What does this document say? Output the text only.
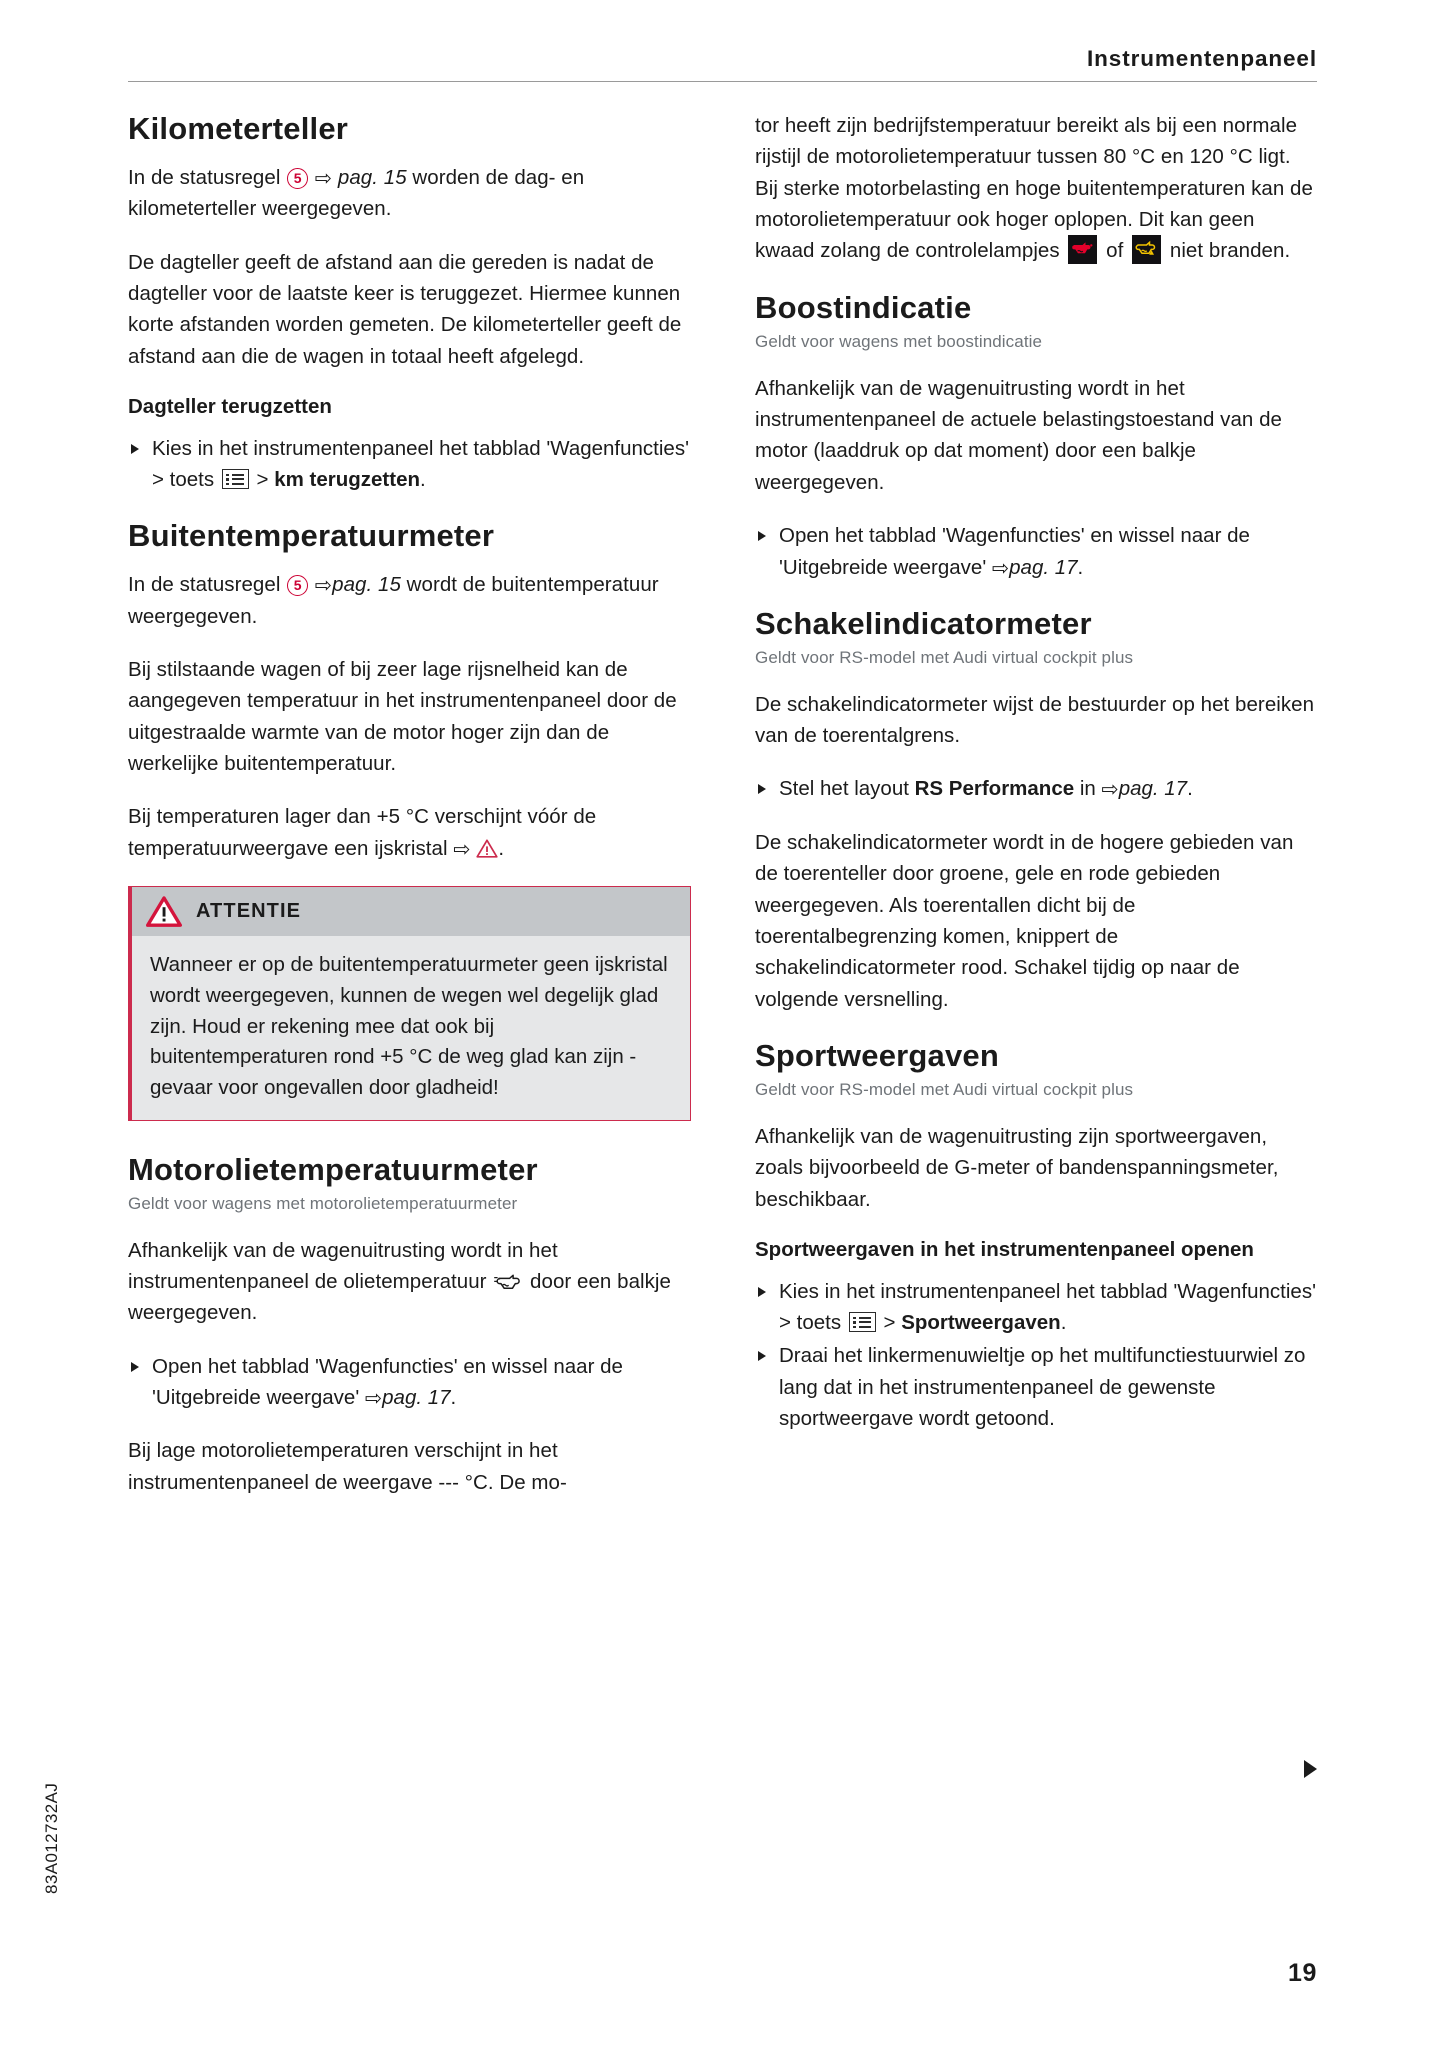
Instrumentenpaneel
Kilometerteller

In de statusregel 5 ⇨ pag. 15 worden de dag- en kilometerteller weergegeven.

De dagteller geeft de afstand aan die gereden is nadat de dagteller voor de laatste keer is teruggezet. Hiermee kunnen korte afstanden worden gemeten. De kilometerteller geeft de afstand aan die de wagen in totaal heeft afgelegd.

Dagteller terugzetten
Kies in het instrumentenpaneel het tabblad 'Wagenfuncties' > toets
> km terugzetten.
Buitentemperatuurmeter

In de statusregel 5 ⇨pag. 15 wordt de buitentemperatuur weergegeven.

Bij stilstaande wagen of bij zeer lage rijsnelheid kan de aangegeven temperatuur in het instrumentenpaneel door de uitgestraalde warmte van de motor hoger zijn dan de werkelijke buitentemperatuur.

Bij temperaturen lager dan +5 °C verschijnt vóór de temperatuurweergave een ijskristal ⇨ .

ATTENTIE
Wanneer er op de buitentemperatuurmeter geen ijskristal wordt weergegeven, kunnen de wegen wel degelijk glad zijn. Houd er rekening mee dat ook bij buitentemperaturen rond +5 °C de weg glad kan zijn - gevaar voor ongevallen door gladheid!
Motorolietemperatuurmeter

Geldt voor wagens met motorolietemperatuurmeter

Afhankelijk van de wagenuitrusting wordt in het instrumentenpaneel de olietemperatuur  door een balkje weergegeven.

Open het tabblad 'Wagenfuncties' en wissel naar de 'Uitgebreide weergave' ⇨pag. 17.

Bij lage motorolietemperaturen verschijnt in het instrumentenpaneel de weergave --- °C. De mo-

tor heeft zijn bedrijfstemperatuur bereikt als bij een normale rijstijl de motorolietemperatuur tussen 80 °C en 120 °C ligt. Bij sterke motorbelasting en hoge buitentemperaturen kan de motorolietemperatuur ook hoger oplopen. Dit kan geen kwaad zolang de controlelampjes
of
niet branden.

Boostindicatie

Geldt voor wagens met boostindicatie

Afhankelijk van de wagenuitrusting wordt in het instrumentenpaneel de actuele belastingstoestand van de motor (laaddruk op dat moment) door een balkje weergegeven.

Open het tabblad 'Wagenfuncties' en wissel naar de 'Uitgebreide weergave' ⇨pag. 17.
Schakelindicatormeter

Geldt voor RS-model met Audi virtual cockpit plus

De schakelindicatormeter wijst de bestuurder op het bereiken van de toerentalgrens.

Stel het layout RS Performance in ⇨pag. 17.

De schakelindicatormeter wordt in de hogere gebieden van de toerenteller door groene, gele en rode gebieden weergegeven. Als toerentallen dicht bij de toerentalbegrenzing komen, knippert de schakelindicatormeter rood. Schakel tijdig op naar de volgende versnelling.

Sportweergaven

Geldt voor RS-model met Audi virtual cockpit plus

Afhankelijk van de wagenuitrusting zijn sportweergaven, zoals bijvoorbeeld de G-meter of bandenspanningsmeter, beschikbaar.

Sportweergaven in het instrumentenpaneel openen
Kies in het instrumentenpaneel het tabblad 'Wagenfuncties' > toets
> Sportweergaven.
Draai het linkermenuwieltje op het multifunctiestuurwiel zo lang dat in het instrumentenpaneel de gewenste sportweergave wordt getoond.
83A012732AJ
19
